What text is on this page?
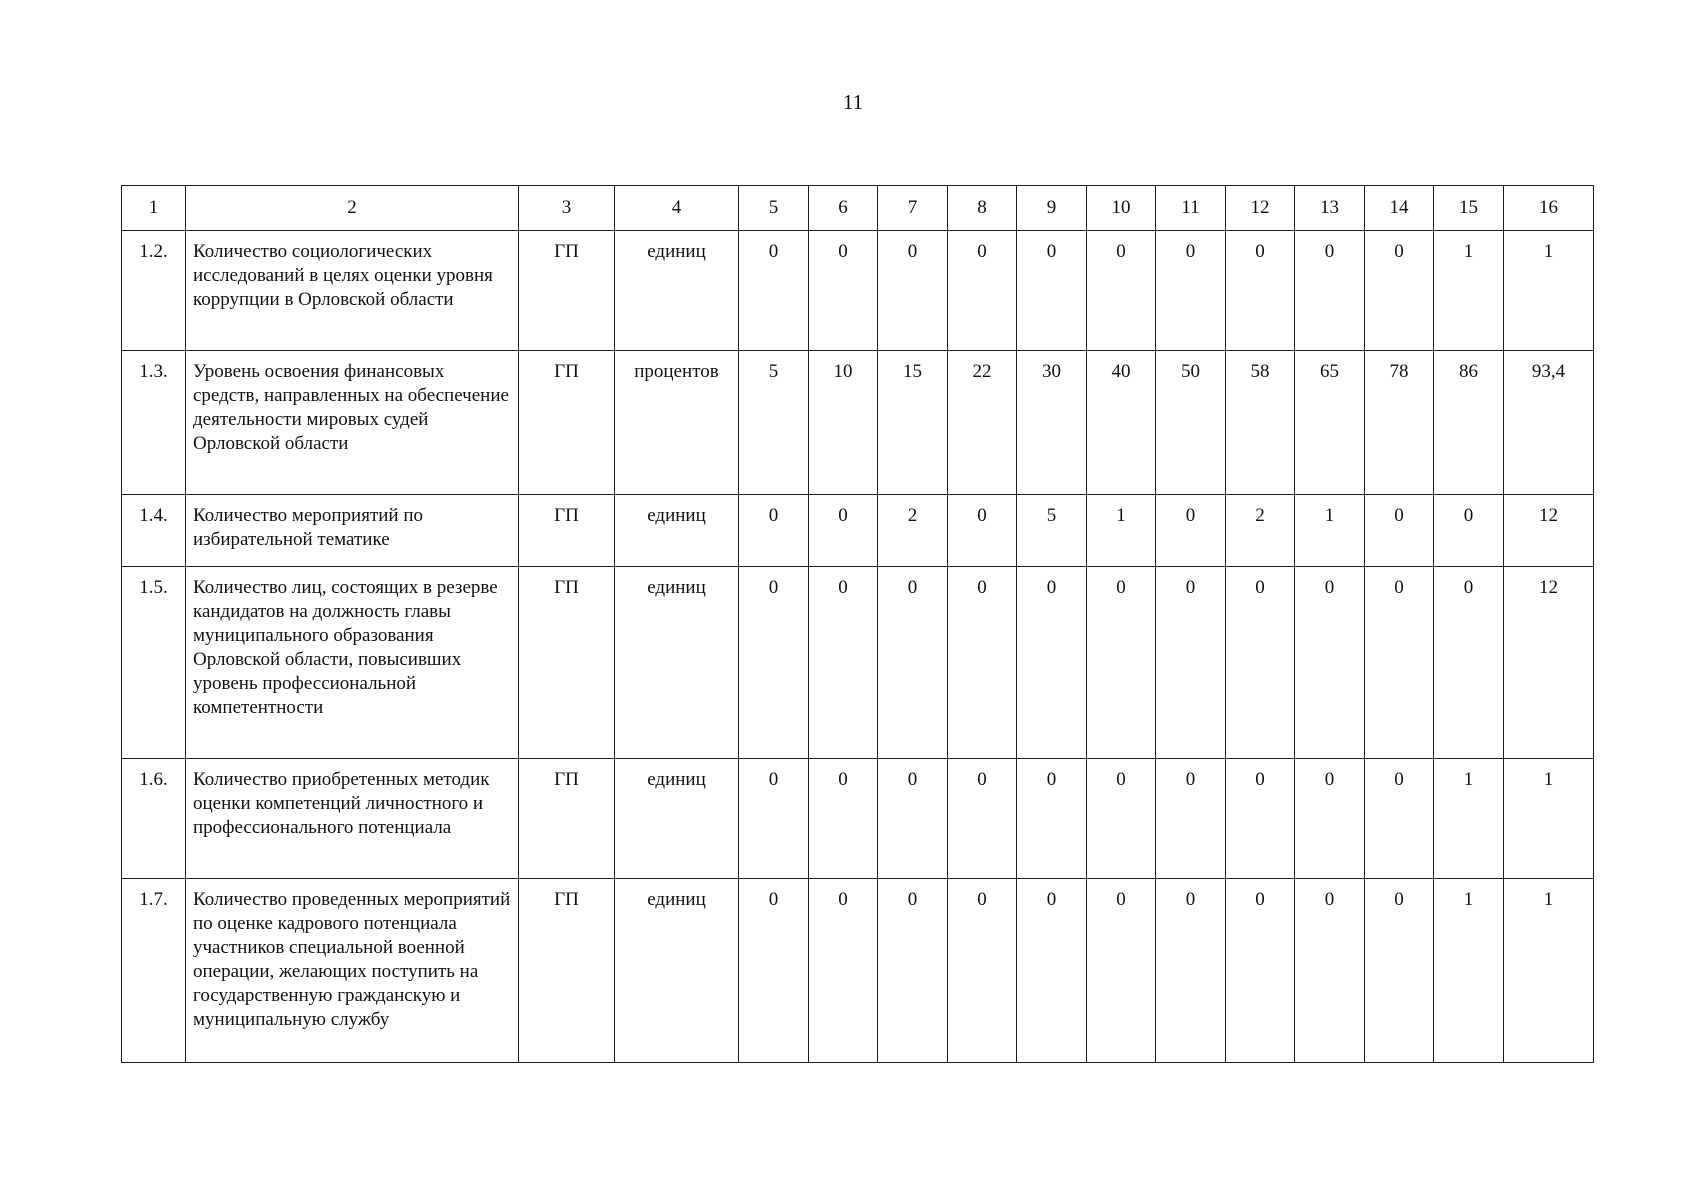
11
1	2	3	4	5	6	7	8	9	10	11	12	13	14	15	16
1.2.	Количество социологических исследований в целях оценки уровня коррупции в Орловской области	ГП	единиц	0	0	0	0	0	0	0	0	0	0	1	1
1.3.	Уровень освоения финансовых средств, направленных на обеспечение деятельности мировых судей Орловской области	ГП	процентов	5	10	15	22	30	40	50	58	65	78	86	93,4
1.4.	Количество мероприятий по избирательной тематике	ГП	единиц	0	0	2	0	5	1	0	2	1	0	0	12
1.5.	Количество лиц, состоящих в резерве кандидатов на должность главы муниципального образования Орловской области, повысивших уровень профессиональной компетентности	ГП	единиц	0	0	0	0	0	0	0	0	0	0	0	12
1.6.	Количество приобретенных методик оценки компетенций личностного и профессионального потенциала	ГП	единиц	0	0	0	0	0	0	0	0	0	0	1	1
1.7.	Количество проведенных мероприятий по оценке кадрового потенциала участников специальной военной операции, желающих поступить на государственную гражданскую и муниципальную службу	ГП	единиц	0	0	0	0	0	0	0	0	0	0	1	1
